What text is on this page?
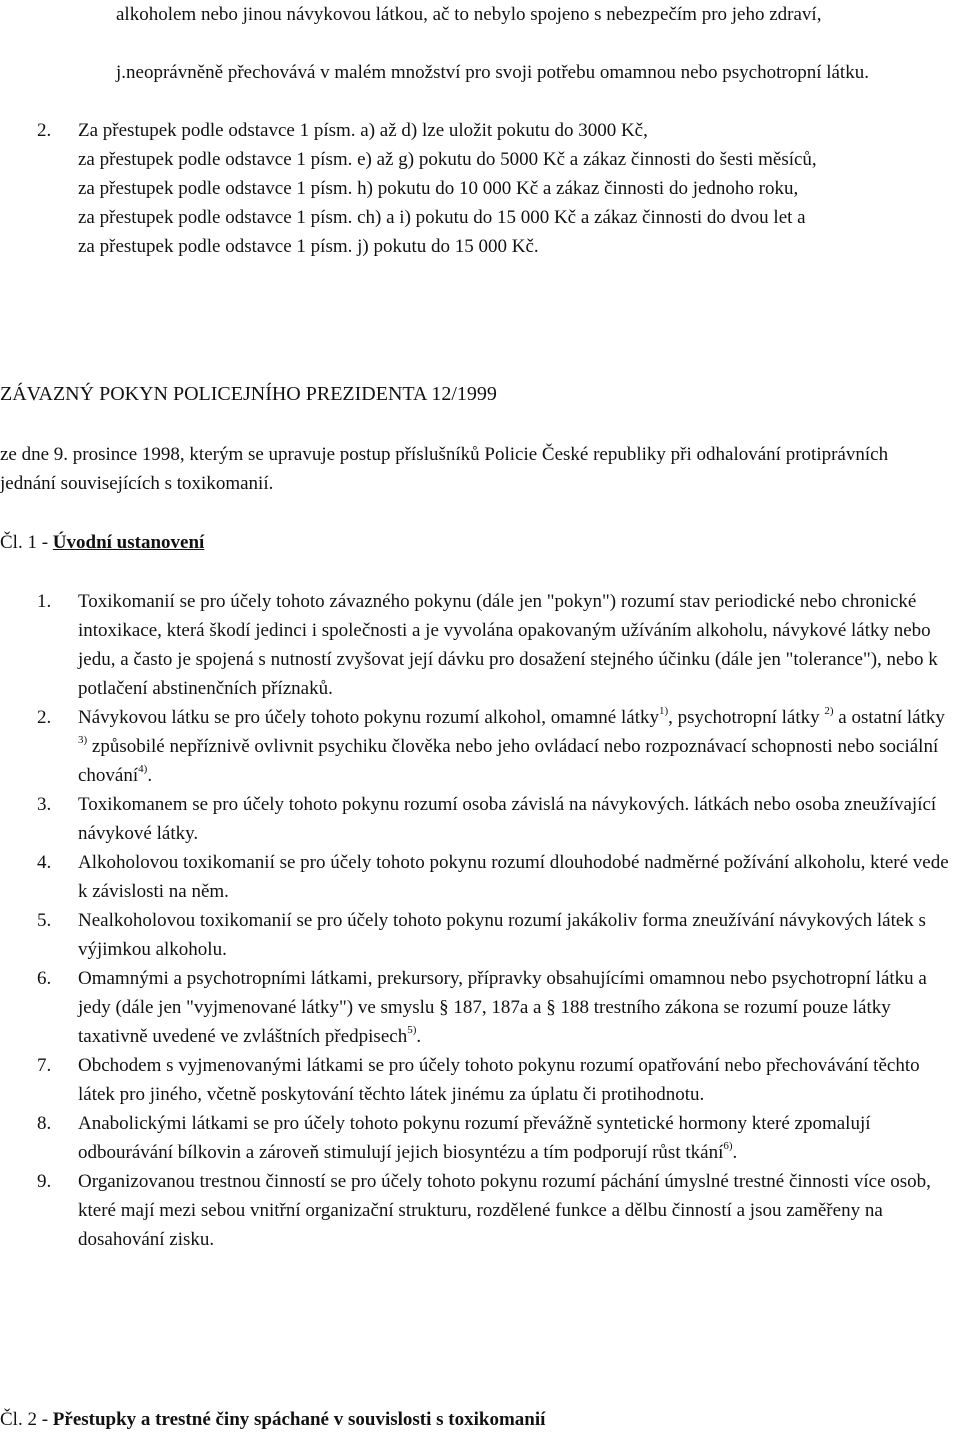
alkoholem nebo jinou návykovou látkou, ač to nebylo spojeno s nebezpečím pro jeho zdraví,
j.neoprávněně přechovává v malém množství pro svoji potřebu omamnou nebo psychotropní látku.
2.	Za přestupek podle odstavce 1 písm. a) až d) lze uložit pokutu do 3000 Kč,
za přestupek podle odstavce 1 písm. e) až g) pokutu do 5000 Kč a zákaz činnosti do šesti měsíců,
za přestupek podle odstavce 1 písm. h) pokutu do 10 000 Kč a zákaz činnosti do jednoho roku,
za přestupek podle odstavce 1 písm. ch) a i) pokutu do 15 000 Kč a zákaz činnosti do dvou let a
za přestupek podle odstavce 1 písm. j) pokutu do 15 000 Kč.
ZÁVAZNÝ POKYN POLICEJNÍHO PREZIDENTA 12/1999
ze dne 9. prosince 1998, kterým se upravuje postup příslušníků Policie České republiky při odhalování protiprávních jednání souvisejících s toxikomanií.
Čl. 1 - Úvodní ustanovení
1.	Toxikomanií se pro účely tohoto závazného pokynu (dále jen "pokyn") rozumí stav periodické nebo chronické intoxikace, která škodí jedinci i společnosti a je vyvolána opakovaným užíváním alkoholu, návykové látky nebo jedu, a často je spojená s nutností zvyšovat její dávku pro dosažení stejného účinku (dále jen "tolerance"), nebo k potlačení abstinenčních příznaků.
2.	Návykovou látku se pro účely tohoto pokynu rozumí alkohol, omamné látky$^{1)}$, psychotropní látky $^{2)}$ a ostatní látky $^{3)}$ způsobilé nepříznivě ovlivnit psychiku člověka nebo jeho ovládací nebo rozpoznávací schopnosti nebo sociální chování$^{4)}$.
3.	Toxikomanem se pro účely tohoto pokynu rozumí osoba závislá na návykových. látkách nebo osoba zneužívající návykové látky.
4.	Alkoholovou toxikomanií se pro účely tohoto pokynu rozumí dlouhodobé nadměrné požívání alkoholu, které vede k závislosti na něm.
5.	Nealkoholovou toxikomanií se pro účely tohoto pokynu rozumí jakákoliv forma zneužívání návykových látek s výjimkou alkoholu.
6.	Omamnými a psychotropními látkami, prekursory, přípravky obsahujícími omamnou nebo psychotropní látku a jedy (dále jen "vyjmenované látky") ve smyslu § 187, 187a a § 188 trestního zákona se rozumí pouze látky taxativně uvedené ve zvláštních předpisech$^{5)}$.
7.	Obchodem s vyjmenovanými látkami se pro účely tohoto pokynu rozumí opatřování nebo přechovávání těchto látek pro jiného, včetně poskytování těchto látek jinému za úplatu či protihodnotu.
8.	Anabolickými látkami se pro účely tohoto pokynu rozumí převážně syntetické hormony které zpomalují odbourávání bílkovin a zároveň stimulují jejich biosyntézu a tím podporují růst tkání$^{6)}$.
9.	Organizovanou trestnou činností se pro účely tohoto pokynu rozumí páchání úmyslné trestné činnosti více osob, které mají mezi sebou vnitřní organizační strukturu, rozdělené funkce a dělbu činností a jsou zaměřeny na dosahování zisku.
Čl. 2 - Přestupky a trestné činy spáchané v souvislosti s toxikomanií
